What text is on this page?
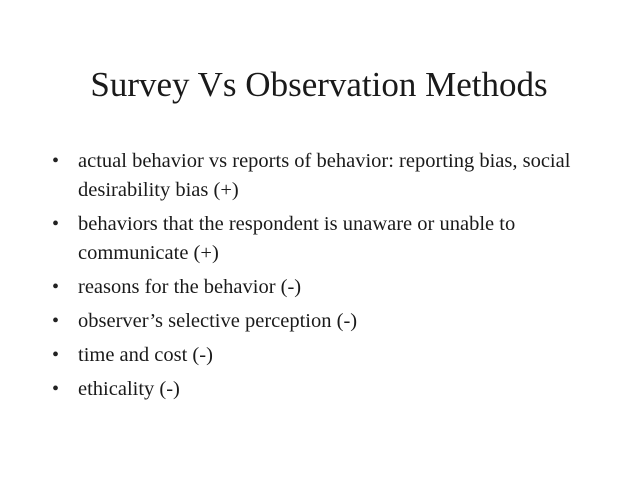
Survey Vs Observation Methods
• actual behavior vs reports of behavior: reporting bias, social desirability bias (+)
• behaviors that the respondent is unaware or unable to communicate (+)
• reasons for the behavior (-)
• observer’s selective perception (-)
• time and cost (-)
• ethicality (-)
